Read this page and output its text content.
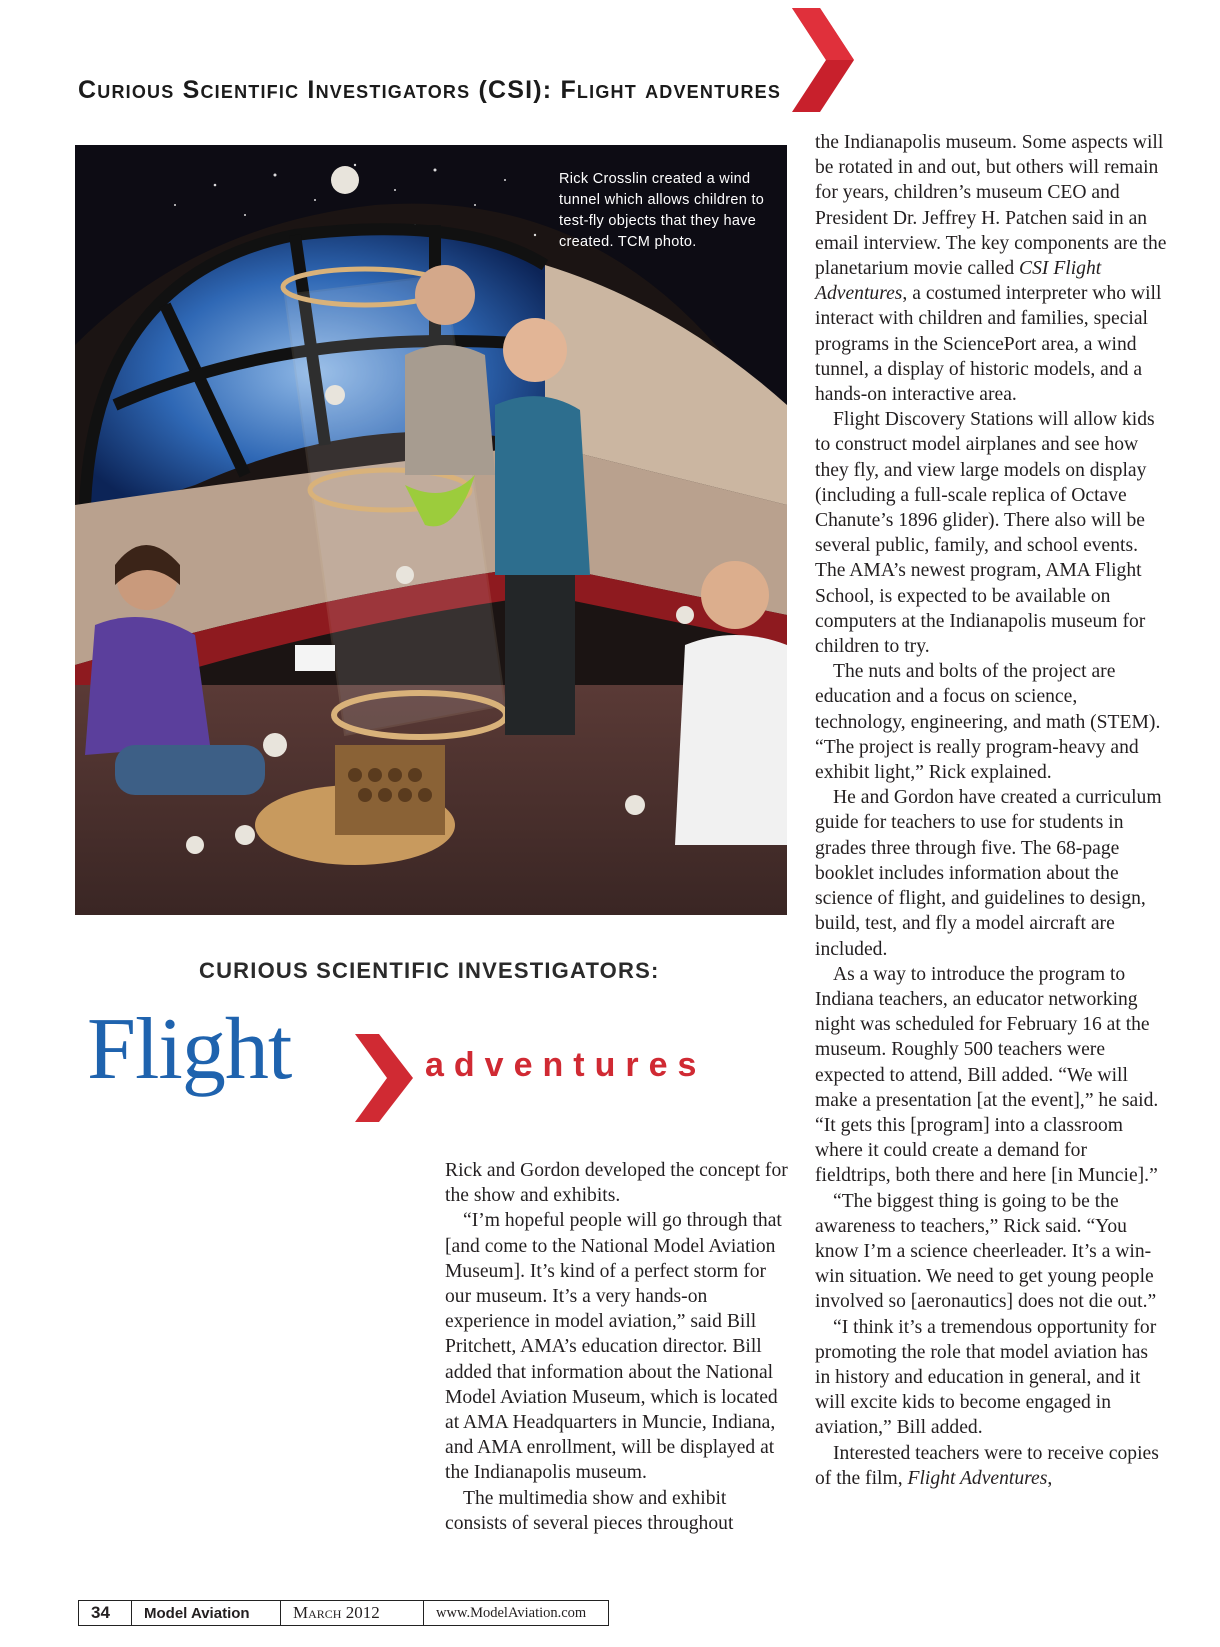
Curious Scientific Investigators (CSI): Flight adventures
Rick Crosslin created a wind tunnel which allows children to test-fly objects that they have created. TCM photo.
CURIOUS SCIENTIFIC INVESTIGATORS:
Flight	adventures

Rick and Gordon developed the concept for the show and exhibits.

“I’m hopeful people will go through that [and come to the National Model Aviation Museum]. It’s kind of a perfect storm for our museum. It’s a very hands-on experience in model aviation,” said Bill Pritchett, AMA’s education director. Bill added that information about the National Model Aviation Museum, which is located at AMA Headquarters in Muncie, Indiana, and AMA enrollment, will be displayed at the Indianapolis museum.

The multimedia show and exhibit consists of several pieces throughout

the Indianapolis museum. Some aspects will be rotated in and out, but others will remain for years, children’s museum CEO and President Dr. Jeffrey H. Patchen said in an email interview. The key components are the planetarium movie called CSI Flight Adventures, a costumed interpreter who will interact with children and families, special programs in the SciencePort area, a wind tunnel, a display of historic models, and a hands-on interactive area.

Flight Discovery Stations will allow kids to construct model airplanes and see how they fly, and view large models on display (including a full-scale replica of Octave Chanute’s 1896 glider). There also will be several public, family, and school events. The AMA’s newest program, AMA Flight School, is expected to be available on computers at the Indianapolis museum for children to try.

The nuts and bolts of the project are education and a focus on science, technology, engineering, and math (STEM). “The project is really program-heavy and exhibit light,” Rick explained.

He and Gordon have created a curriculum guide for teachers to use for students in grades three through five. The 68-page booklet includes information about the science of flight, and guidelines to design, build, test, and fly a model aircraft are included.

As a way to introduce the program to Indiana teachers, an educator networking night was scheduled for February 16 at the museum. Roughly 500 teachers were expected to attend, Bill added. “We will make a presentation [at the event],” he said. “It gets this [program] into a classroom where it could create a demand for fieldtrips, both there and here [in Muncie].”

“The biggest thing is going to be the awareness to teachers,” Rick said. “You know I’m a science cheerleader. It’s a win-win situation. We need to get young people involved so [aeronautics] does not die out.”

“I think it’s a tremendous opportunity for promoting the role that model aviation has in history and education in general, and it will excite kids to become engaged in aviation,” Bill added.

Interested teachers were to receive copies of the film, Flight Adventures,

34	Model Aviation	March 2012	www.ModelAviation.com
